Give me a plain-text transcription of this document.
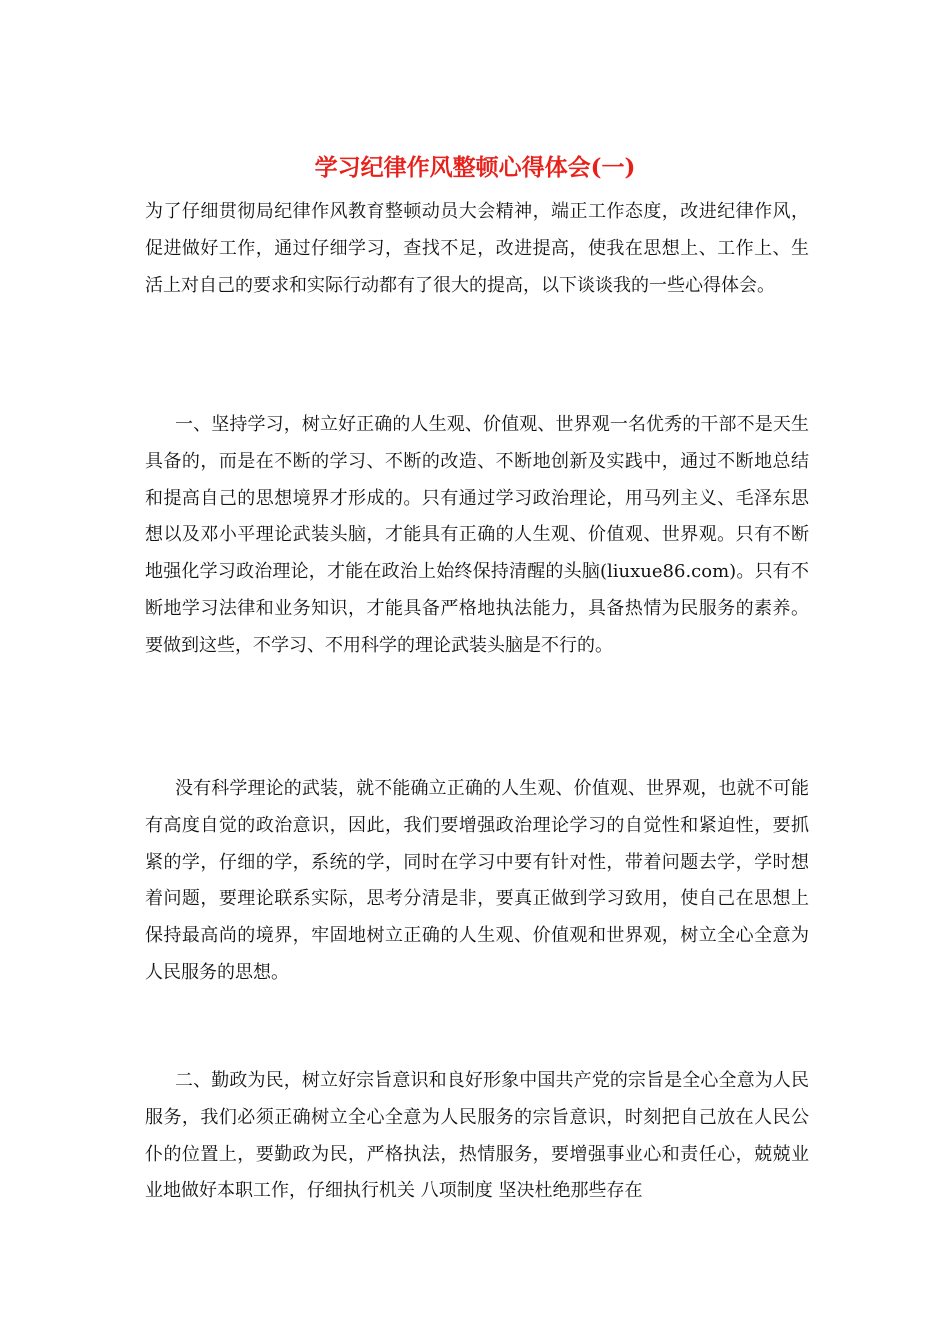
学习纪律作风整顿心得体会(一)

为了仔细贯彻局纪律作风教育整顿动员大会精神，端正工作态度，改进纪律作风，促进做好工作，通过仔细学习，查找不足，改进提高，使我在思想上、工作上、生活上对自己的要求和实际行动都有了很大的提高，以下谈谈我的一些心得体会。

一、坚持学习，树立好正确的人生观、价值观、世界观一名优秀的干部不是天生具备的，而是在不断的学习、不断的改造、不断地创新及实践中，通过不断地总结和提高自己的思想境界才形成的。只有通过学习政治理论，用马列主义、毛泽东思想以及邓小平理论武装头脑，才能具有正确的人生观、价值观、世界观。只有不断地强化学习政治理论，才能在政治上始终保持清醒的头脑(liuxue86.com)。只有不断地学习法律和业务知识，才能具备严格地执法能力，具备热情为民服务的素养。要做到这些，不学习、不用科学的理论武装头脑是不行的。

没有科学理论的武装，就不能确立正确的人生观、价值观、世界观，也就不可能有高度自觉的政治意识，因此，我们要增强政治理论学习的自觉性和紧迫性，要抓紧的学，仔细的学，系统的学，同时在学习中要有针对性，带着问题去学，学时想着问题，要理论联系实际，思考分清是非，要真正做到学习致用，使自己在思想上保持最高尚的境界，牢固地树立正确的人生观、价值观和世界观，树立全心全意为人民服务的思想。

二、勤政为民，树立好宗旨意识和良好形象中国共产党的宗旨是全心全意为人民服务，我们必须正确树立全心全意为人民服务的宗旨意识，时刻把自己放在人民公仆的位置上，要勤政为民，严格执法，热情服务，要增强事业心和责任心，兢兢业业地做好本职工作，仔细执行机关 八项制度 坚决杜绝那些存在
